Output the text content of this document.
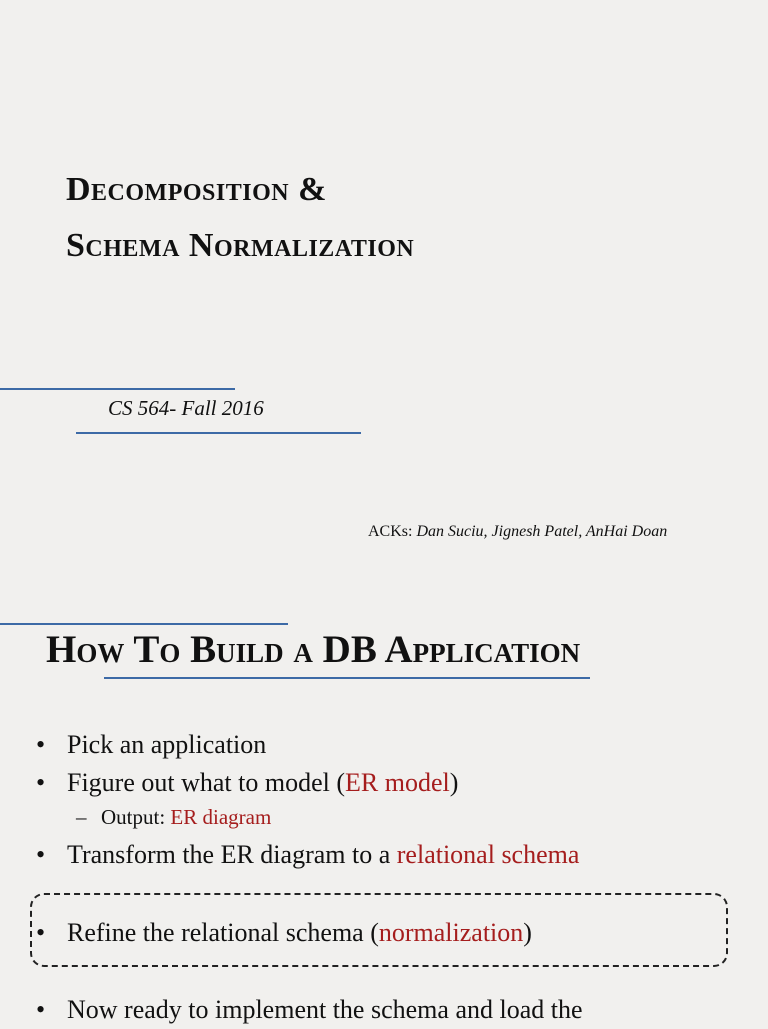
Decomposition &
Schema Normalization
CS 564- Fall 2016
ACKs: Dan Suciu, Jignesh Patel, AnHai Doan
How To Build a DB Application
• Pick an application
• Figure out what to model (ER model)
– Output: ER diagram
• Transform the ER diagram to a relational schema
• Refine the relational schema (normalization)
• Now ready to implement the schema and load the
